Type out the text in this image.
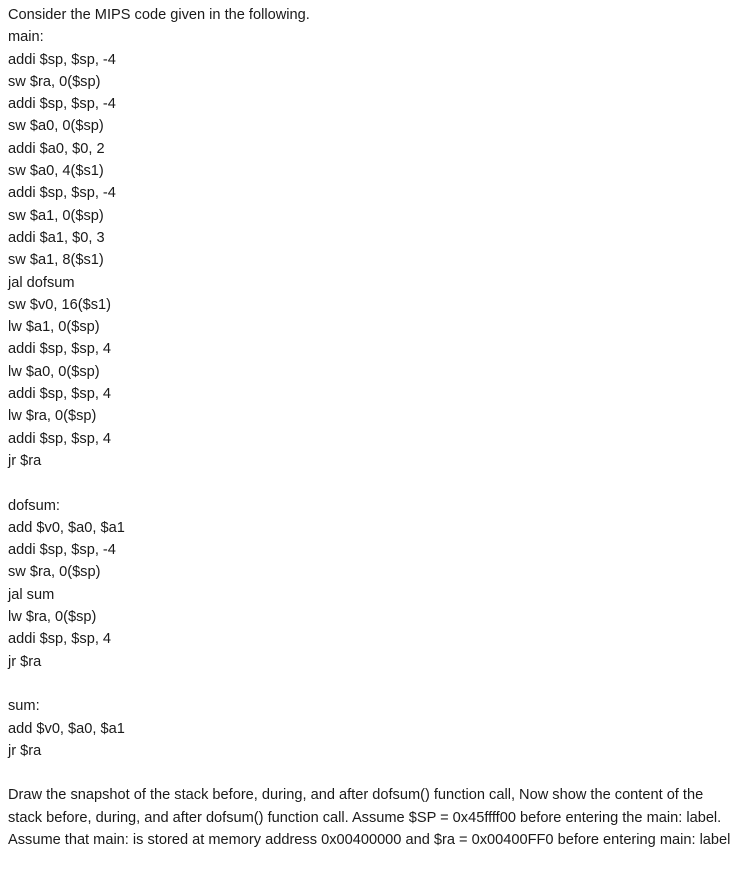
Consider the MIPS code given in the following.
main:
addi $sp, $sp, -4
sw $ra, 0($sp)
addi $sp, $sp, -4
sw $a0, 0($sp)
addi $a0, $0, 2
sw $a0, 4($s1)
addi $sp, $sp, -4
sw $a1, 0($sp)
addi $a1, $0, 3
sw $a1, 8($s1)
jal dofsum
sw $v0, 16($s1)
lw $a1, 0($sp)
addi $sp, $sp, 4
lw $a0, 0($sp)
addi $sp, $sp, 4
lw $ra, 0($sp)
addi $sp, $sp, 4
jr $ra
dofsum:
add $v0, $a0, $a1
addi $sp, $sp, -4
sw $ra, 0($sp)
jal sum
lw $ra, 0($sp)
addi $sp, $sp, 4
jr $ra
sum:
add $v0, $a0, $a1
jr $ra
Draw the snapshot of the stack before, during, and after dofsum() function call, Now show the content of the stack before, during, and after dofsum() function call. Assume $SP = 0x45ffff00 before entering the main: label. Assume that main: is stored at memory address 0x00400000 and $ra = 0x00400FF0 before entering main: label
